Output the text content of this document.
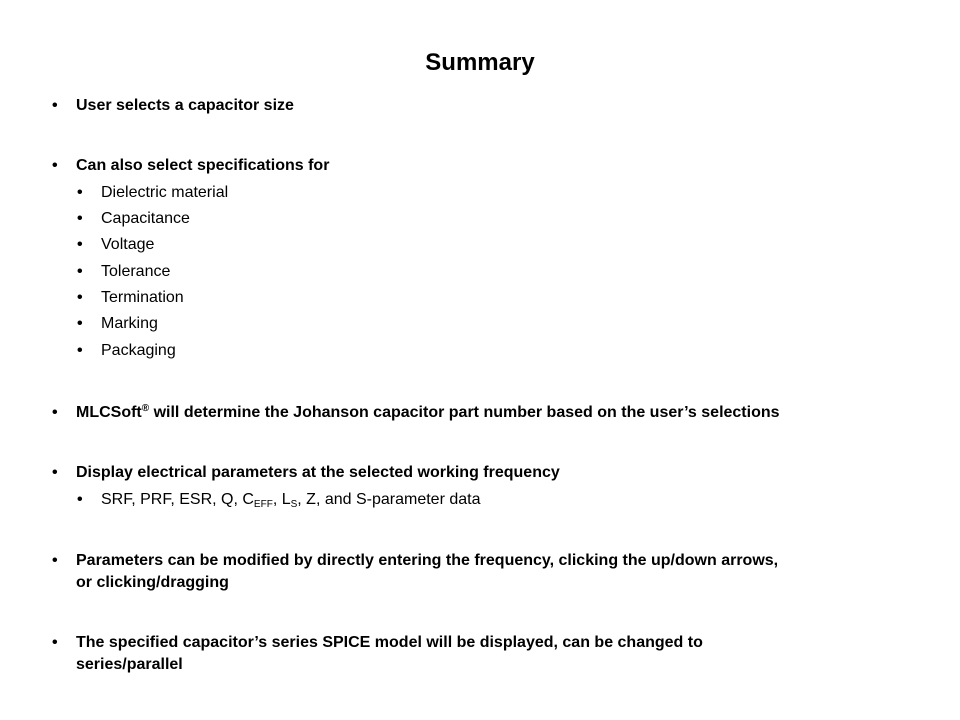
Summary
• User selects a capacitor size
• Can also select specifications for
• Dielectric material
• Capacitance
• Voltage
• Tolerance
• Termination
• Marking
• Packaging
• MLCSoft® will determine the Johanson capacitor part number based on the user’s selections
• Display electrical parameters at the selected working frequency
• SRF, PRF, ESR, Q, $C_{EFF}$, $L_S$, Z, and S-parameter data
• Parameters can be modified by directly entering the frequency, clicking the up/down arrows,
or clicking/dragging
• The specified capacitor’s series SPICE model will be displayed, can be changed to
series/parallel
